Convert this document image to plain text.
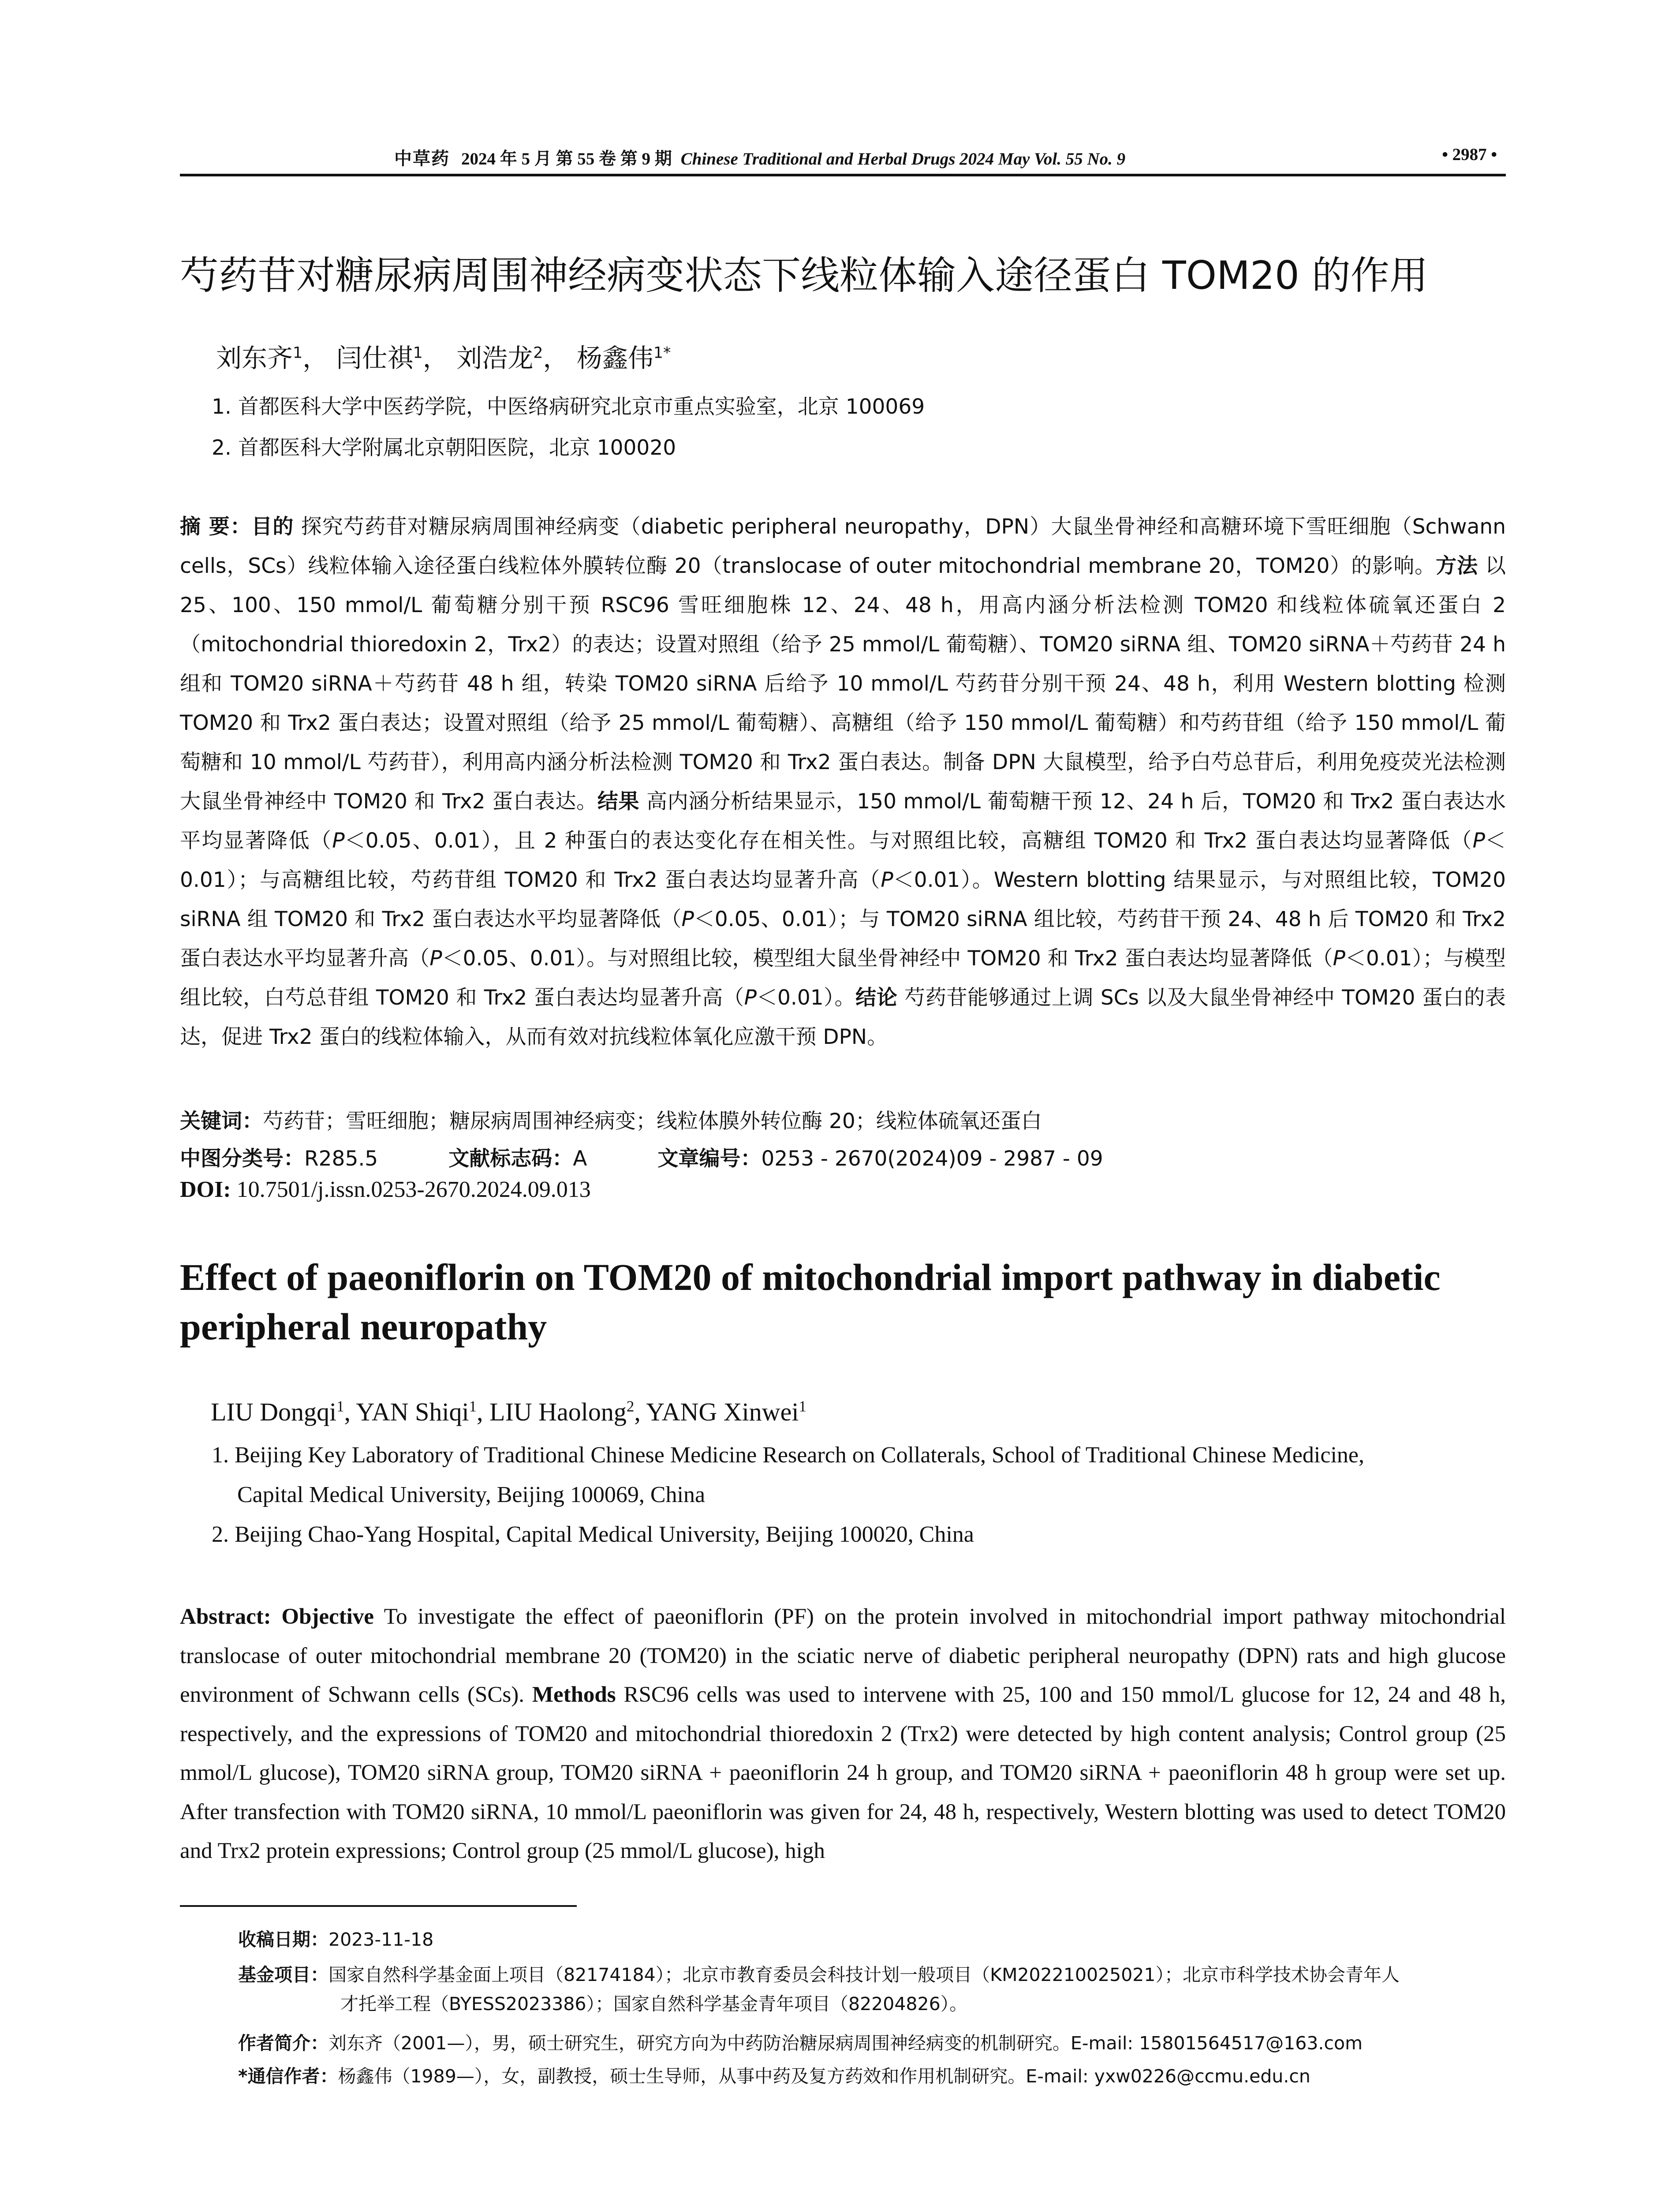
中草药 2024 年 5 月 第 55 卷 第 9 期 Chinese Traditional and Herbal Drugs 2024 May Vol. 55 No. 9	• 2987 •
芍药苷对糖尿病周围神经病变状态下线粒体输入途径蛋白 TOM20 的作用
刘东齐$^1$， 闫仕祺$^1$， 刘浩龙$^2$， 杨鑫伟$^{1*}$
1. 首都医科大学中医药学院，中医络病研究北京市重点实验室，北京 100069
2. 首都医科大学附属北京朝阳医院，北京 100020
摘 要：目的 探究芍药苷对糖尿病周围神经病变（diabetic peripheral neuropathy，DPN）大鼠坐骨神经和高糖环境下雪旺细胞（Schwann cells，SCs）线粒体输入途径蛋白线粒体外膜转位酶 20（translocase of outer mitochondrial membrane 20，TOM20）的影响。方法 以 25、100、150 mmol/L 葡萄糖分别干预 RSC96 雪旺细胞株 12、24、48 h，用高内涵分析法检测 TOM20 和线粒体硫氧还蛋白 2（mitochondrial thioredoxin 2，Trx2）的表达；设置对照组（给予 25 mmol/L 葡萄糖）、TOM20 siRNA 组、TOM20 siRNA＋芍药苷 24 h 组和 TOM20 siRNA＋芍药苷 48 h 组，转染 TOM20 siRNA 后给予 10 mmol/L 芍药苷分别干预 24、48 h，利用 Western blotting 检测 TOM20 和 Trx2 蛋白表达；设置对照组（给予 25 mmol/L 葡萄糖）、高糖组（给予 150 mmol/L 葡萄糖）和芍药苷组（给予 150 mmol/L 葡萄糖和 10 mmol/L 芍药苷），利用高内涵分析法检测 TOM20 和 Trx2 蛋白表达。制备 DPN 大鼠模型，给予白芍总苷后，利用免疫荧光法检测大鼠坐骨神经中 TOM20 和 Trx2 蛋白表达。结果 高内涵分析结果显示，150 mmol/L 葡萄糖干预 12、24 h 后，TOM20 和 Trx2 蛋白表达水平均显著降低（P＜0.05、0.01），且 2 种蛋白的表达变化存在相关性。与对照组比较，高糖组 TOM20 和 Trx2 蛋白表达均显著降低（P＜0.01）；与高糖组比较，芍药苷组 TOM20 和 Trx2 蛋白表达均显著升高（P＜0.01）。Western blotting 结果显示，与对照组比较，TOM20 siRNA 组 TOM20 和 Trx2 蛋白表达水平均显著降低（P＜0.05、0.01）；与 TOM20 siRNA 组比较，芍药苷干预 24、48 h 后 TOM20 和 Trx2 蛋白表达水平均显著升高（P＜0.05、0.01）。与对照组比较，模型组大鼠坐骨神经中 TOM20 和 Trx2 蛋白表达均显著降低（P＜0.01）；与模型组比较，白芍总苷组 TOM20 和 Trx2 蛋白表达均显著升高（P＜0.01）。结论 芍药苷能够通过上调 SCs 以及大鼠坐骨神经中 TOM20 蛋白的表达，促进 Trx2 蛋白的线粒体输入，从而有效对抗线粒体氧化应激干预 DPN。
关键词：芍药苷；雪旺细胞；糖尿病周围神经病变；线粒体膜外转位酶 20；线粒体硫氧还蛋白
中图分类号：R285.5	文献标志码：A	文章编号：0253 - 2670(2024)09 - 2987 - 09
DOI: 10.7501/j.issn.0253-2670.2024.09.013
Effect of paeoniflorin on TOM20 of mitochondrial import pathway in diabetic peripheral neuropathy
LIU Dongqi$^1$, YAN Shiqi$^1$, LIU Haolong$^2$, YANG Xinwei$^1$
1. Beijing Key Laboratory of Traditional Chinese Medicine Research on Collaterals, School of Traditional Chinese Medicine,
Capital Medical University, Beijing 100069, China
2. Beijing Chao-Yang Hospital, Capital Medical University, Beijing 100020, China
Abstract: Objective To investigate the effect of paeoniflorin (PF) on the protein involved in mitochondrial import pathway mitochondrial translocase of outer mitochondrial membrane 20 (TOM20) in the sciatic nerve of diabetic peripheral neuropathy (DPN) rats and high glucose environment of Schwann cells (SCs). Methods RSC96 cells was used to intervene with 25, 100 and 150 mmol/L glucose for 12, 24 and 48 h, respectively, and the expressions of TOM20 and mitochondrial thioredoxin 2 (Trx2) were detected by high content analysis; Control group (25 mmol/L glucose), TOM20 siRNA group, TOM20 siRNA + paeoniflorin 24 h group, and TOM20 siRNA + paeoniflorin 48 h group were set up. After transfection with TOM20 siRNA, 10 mmol/L paeoniflorin was given for 24, 48 h, respectively, Western blotting was used to detect TOM20 and Trx2 protein expressions; Control group (25 mmol/L glucose), high
收稿日期：2023-11-18
基金项目：国家自然科学基金面上项目（82174184）；北京市教育委员会科技计划一般项目（KM202210025021）；北京市科学技术协会青年人
才托举工程（BYESS2023386）；国家自然科学基金青年项目（82204826）。
作者简介：刘东齐（2001—），男，硕士研究生，研究方向为中药防治糖尿病周围神经病变的机制研究。E-mail: 15801564517@163.com
*通信作者：杨鑫伟（1989—），女，副教授，硕士生导师，从事中药及复方药效和作用机制研究。E-mail: yxw0226@ccmu.edu.cn
